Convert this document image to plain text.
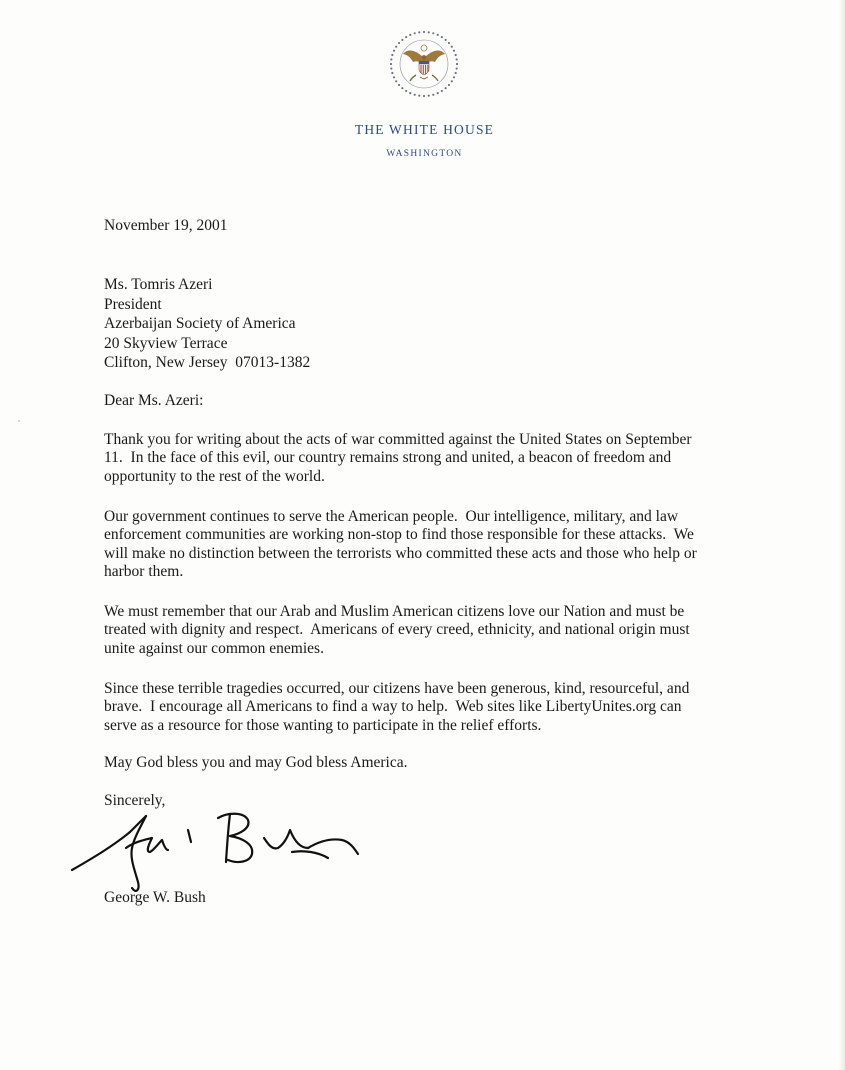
THE WHITE HOUSE
WASHINGTON
November 19, 2001
Ms. Tomris Azeri
President
Azerbaijan Society of America
20 Skyview Terrace
Clifton, New Jersey  07013-1382
Dear Ms. Azeri:
Thank you for writing about the acts of war committed against the United States on September
11.  In the face of this evil, our country remains strong and united, a beacon of freedom and
opportunity to the rest of the world.
Our government continues to serve the American people.  Our intelligence, military, and law
enforcement communities are working non-stop to find those responsible for these attacks.  We
will make no distinction between the terrorists who committed these acts and those who help or
harbor them.
We must remember that our Arab and Muslim American citizens love our Nation and must be
treated with dignity and respect.  Americans of every creed, ethnicity, and national origin must
unite against our common enemies.
Since these terrible tragedies occurred, our citizens have been generous, kind, resourceful, and
brave.  I encourage all Americans to find a way to help.  Web sites like LibertyUnites.org can
serve as a resource for those wanting to participate in the relief efforts.
May God bless you and may God bless America.
Sincerely,
George W. Bush
